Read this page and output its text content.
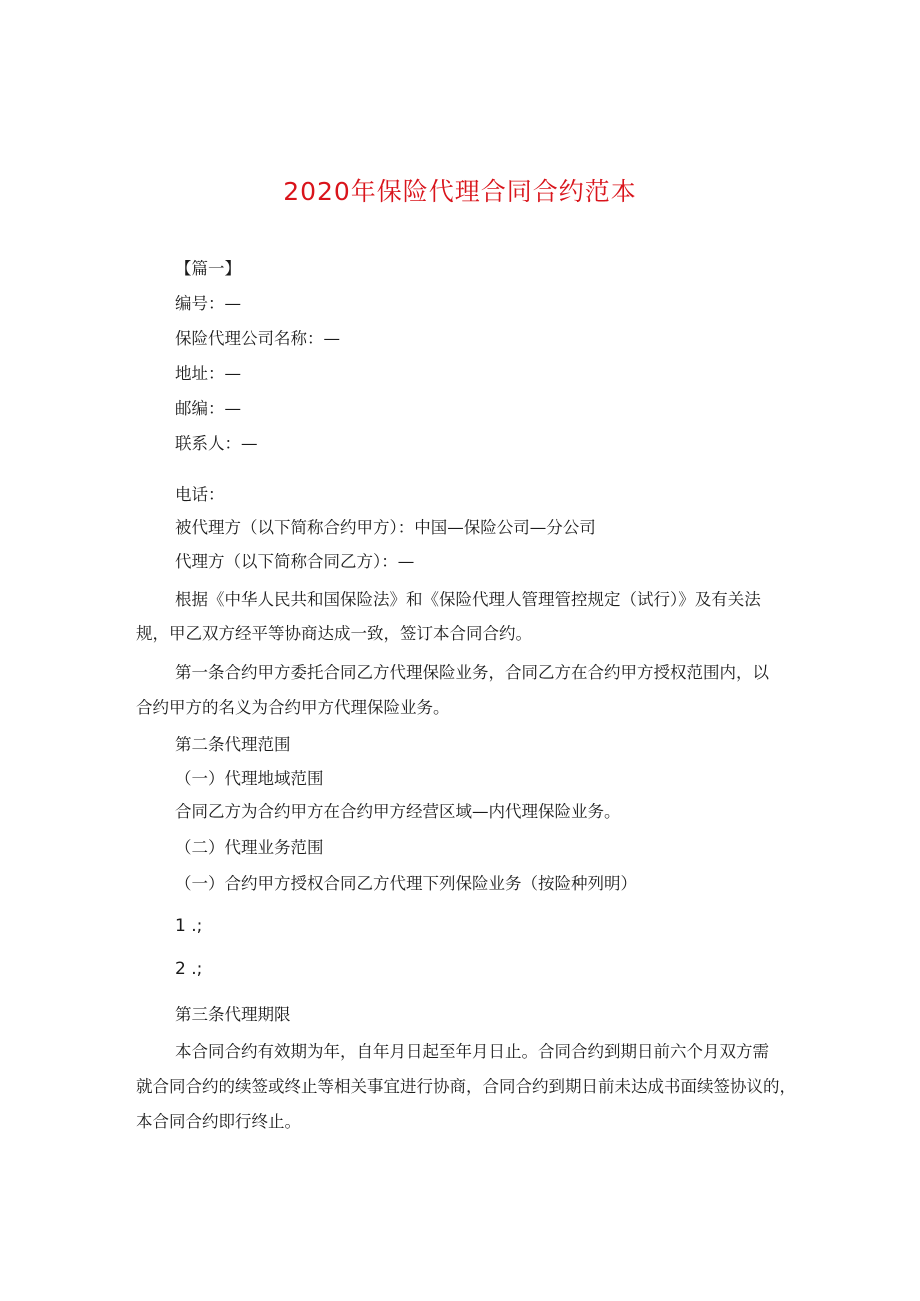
2020年保险代理合同合约范本
【篇一】
编号：—
保险代理公司名称：—
地址：—
邮编：—
联系人：—
电话：
被代理方（以下简称合约甲方）：中国—保险公司—分公司
代理方（以下简称合同乙方）：—
根据《中华人民共和国保险法》和《保险代理人管理管控规定（试行）》及有关法
规，甲乙双方经平等协商达成一致，签订本合同合约。
第一条合约甲方委托合同乙方代理保险业务，合同乙方在合约甲方授权范围内，以
合约甲方的名义为合约甲方代理保险业务。
第二条代理范围
（一）代理地域范围
合同乙方为合约甲方在合约甲方经营区域—内代理保险业务。
（二）代理业务范围
（一）合约甲方授权合同乙方代理下列保险业务（按险种列明）
1 .;
2 .;
第三条代理期限
本合同合约有效期为年，自年月日起至年月日止。合同合约到期日前六个月双方需
就合同合约的续签或终止等相关事宜进行协商，合同合约到期日前未达成书面续签协议的，
本合同合约即行终止。
